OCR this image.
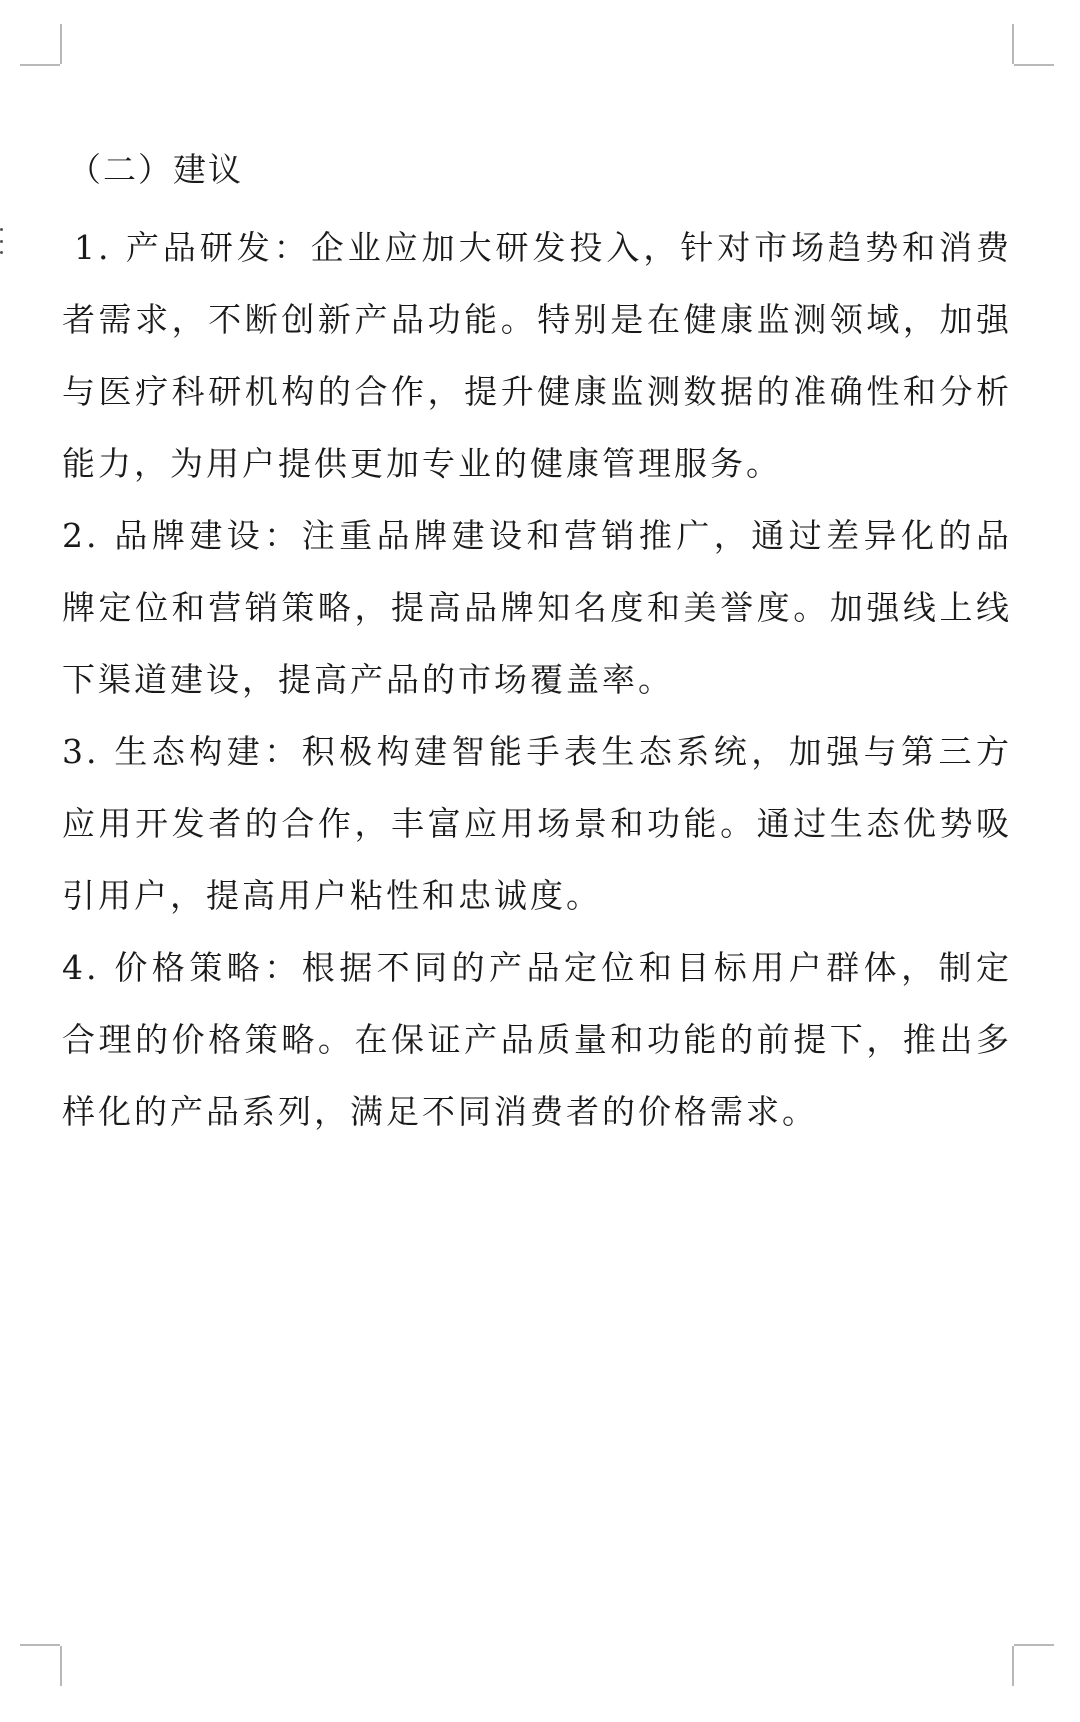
（二）建议

1. 产品研发：企业应加大研发投入，针对市场趋势和消费者需求，不断创新产品功能。特别是在健康监测领域，加强与医疗科研机构的合作，提升健康监测数据的准确性和分析能力，为用户提供更加专业的健康管理服务。

2. 品牌建设：注重品牌建设和营销推广，通过差异化的品牌定位和营销策略，提高品牌知名度和美誉度。加强线上线下渠道建设，提高产品的市场覆盖率。

3. 生态构建：积极构建智能手表生态系统，加强与第三方应用开发者的合作，丰富应用场景和功能。通过生态优势吸引用户，提高用户粘性和忠诚度。

4. 价格策略：根据不同的产品定位和目标用户群体，制定合理的价格策略。在保证产品质量和功能的前提下，推出多样化的产品系列，满足不同消费者的价格需求。
